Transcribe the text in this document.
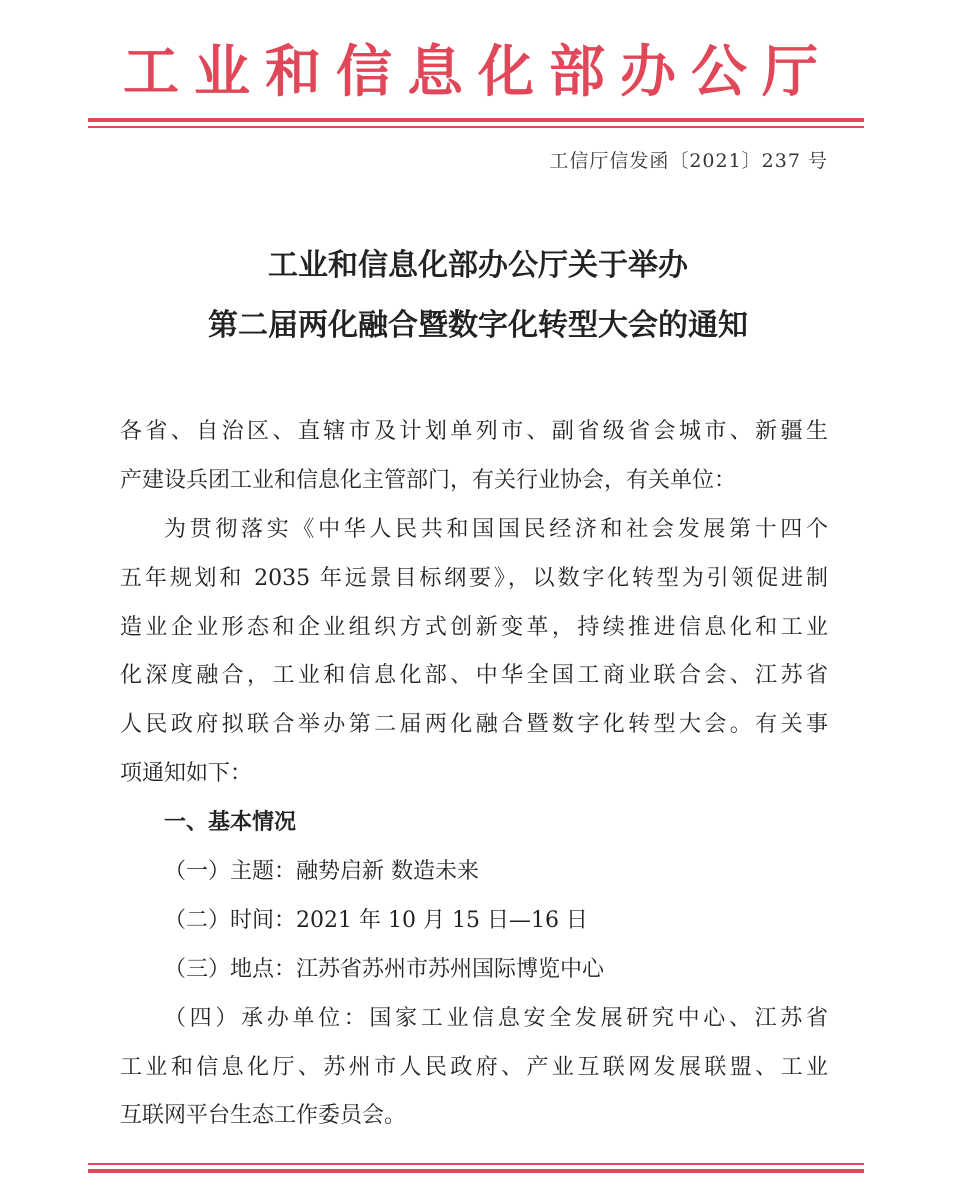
工业和信息化部办公厅
工信厅信发函〔2021〕237 号
工业和信息化部办公厅关于举办
第二届两化融合暨数字化转型大会的通知
各省、自治区、直辖市及计划单列市、副省级省会城市、新疆生
产建设兵团工业和信息化主管部门，有关行业协会，有关单位：
为贯彻落实《中华人民共和国国民经济和社会发展第十四个
五年规划和 2035 年远景目标纲要》，以数字化转型为引领促进制
造业企业形态和企业组织方式创新变革，持续推进信息化和工业
化深度融合，工业和信息化部、中华全国工商业联合会、江苏省
人民政府拟联合举办第二届两化融合暨数字化转型大会。有关事
项通知如下：
一、基本情况
（一）主题：融势启新 数造未来
（二）时间：2021 年 10 月 15 日—16 日
（三）地点：江苏省苏州市苏州国际博览中心
（四）承办单位：国家工业信息安全发展研究中心、江苏省
工业和信息化厅、苏州市人民政府、产业互联网发展联盟、工业
互联网平台生态工作委员会。
